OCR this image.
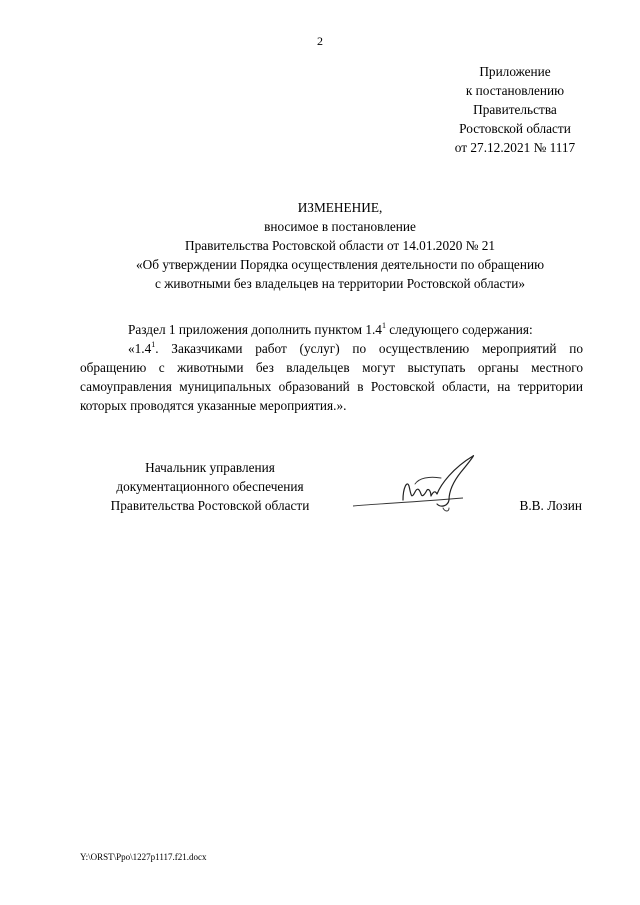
2
Приложение
к постановлению
Правительства
Ростовской области
от 27.12.2021 № 1117
ИЗМЕНЕНИЕ,
вносимое в постановление
Правительства Ростовской области от 14.01.2020 № 21
«Об утверждении Порядка осуществления деятельности по обращению
с животными без владельцев на территории Ростовской области»

Раздел 1 приложения дополнить пунктом $1.4^1$ следующего содержания:

«$1.4^1$. Заказчиками работ (услуг) по осуществлению мероприятий по обращению с животными без владельцев могут выступать органы местного самоуправления муниципальных образований в Ростовской области, на территории которых проводятся указанные мероприятия.».

Начальник управления
документационного обеспечения
Правительства Ростовской области	В.В. Лозин
Y:\ORST\Ppo\1227p1117.f21.docx
